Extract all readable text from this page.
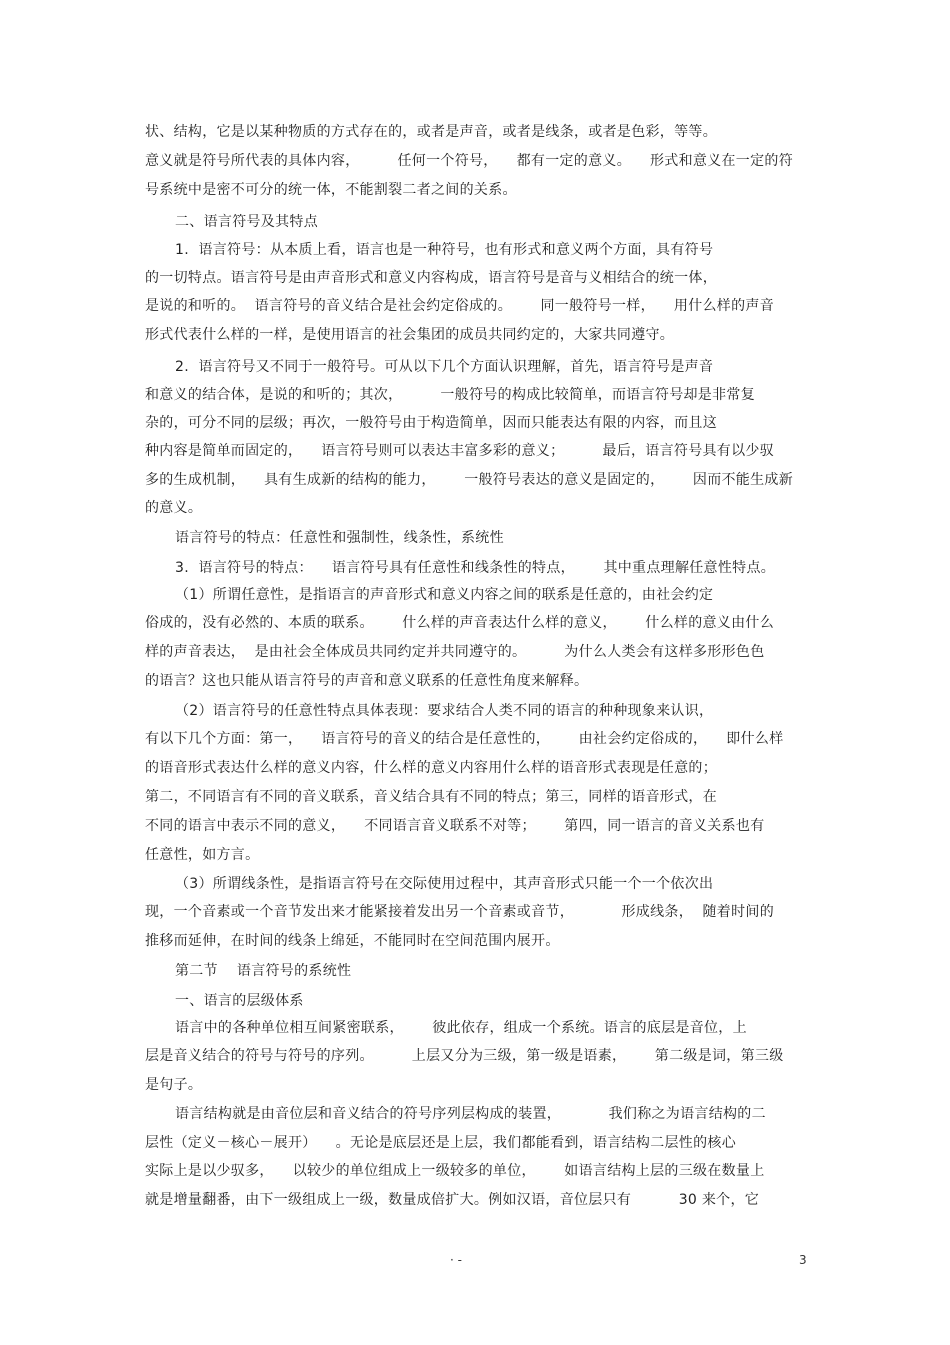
状、结构，它是以某种物质的方式存在的，或者是声音，或者是线条，或者是色彩，等等。
意义就是符号所代表的具体内容，        任何一个符号，    都有一定的意义。    形式和意义在一定的符
号系统中是密不可分的统一体，不能割裂二者之间的关系。
二、语言符号及其特点
1.  语言符号：从本质上看，语言也是一种符号，也有形式和意义两个方面，具有符号
的一切特点。语言符号是由声音形式和意义内容构成，语言符号是音与义相结合的统一体，
是说的和听的。  语言符号的音义结合是社会约定俗成的。      同一般符号一样，    用什么样的声音
形式代表什么样的一样，是使用语言的社会集团的成员共同约定的，大家共同遵守。
2.  语言符号又不同于一般符号。可从以下几个方面认识理解，首先，语言符号是声音
和意义的结合体，是说的和听的；其次，        一般符号的构成比较简单，而语言符号却是非常复
杂的，可分不同的层级；再次，一般符号由于构造简单，因而只能表达有限的内容，而且这
种内容是简单而固定的，    语言符号则可以表达丰富多彩的意义；        最后，语言符号具有以少驭
多的生成机制，    具有生成新的结构的能力，      一般符号表达的意义是固定的，      因而不能生成新
的意义。
语言符号的特点：任意性和强制性，线条性，系统性
3.  语言符号的特点：    语言符号具有任意性和线条性的特点，      其中重点理解任意性特点。
（1）所谓任意性，是指语言的声音形式和意义内容之间的联系是任意的，由社会约定
俗成的，没有必然的、本质的联系。      什么样的声音表达什么样的意义，      什么样的意义由什么
样的声音表达，  是由社会全体成员共同约定并共同遵守的。        为什么人类会有这样多形形色色
的语言？这也只能从语言符号的声音和意义联系的任意性角度来解释。
（2）语言符号的任意性特点具体表现：要求结合人类不同的语言的种种现象来认识，
有以下几个方面：第一，    语言符号的音义的结合是任意性的，      由社会约定俗成的，    即什么样
的语音形式表达什么样的意义内容，什么样的意义内容用什么样的语音形式表现是任意的；
第二，不同语言有不同的音义联系，音义结合具有不同的特点；第三，同样的语音形式，在
不同的语言中表示不同的意义，    不同语言音义联系不对等；      第四，同一语言的音义关系也有
任意性，如方言。
（3）所谓线条性，是指语言符号在交际使用过程中，其声音形式只能一个一个依次出
现，一个音素或一个音节发出来才能紧接着发出另一个音素或音节，          形成线条，  随着时间的
推移而延伸，在时间的线条上绵延，不能同时在空间范围内展开。
第二节    语言符号的系统性
一、语言的层级体系
语言中的各种单位相互间紧密联系，      彼此依存，组成一个系统。语言的底层是音位，上
层是音义结合的符号与符号的序列。        上层又分为三级，第一级是语素，      第二级是词，第三级
是句子。
语言结构就是由音位层和音义结合的符号序列层构成的装置，          我们称之为语言结构的二
层性（定义－核心－展开）    。无论是底层还是上层，我们都能看到，语言结构二层性的核心
实际上是以少驭多，    以较少的单位组成上一级较多的单位，      如语言结构上层的三级在数量上
就是增量翻番，由下一级组成上一级，数量成倍扩大。例如汉语，音位层只有          30 来个，它
· -	3
